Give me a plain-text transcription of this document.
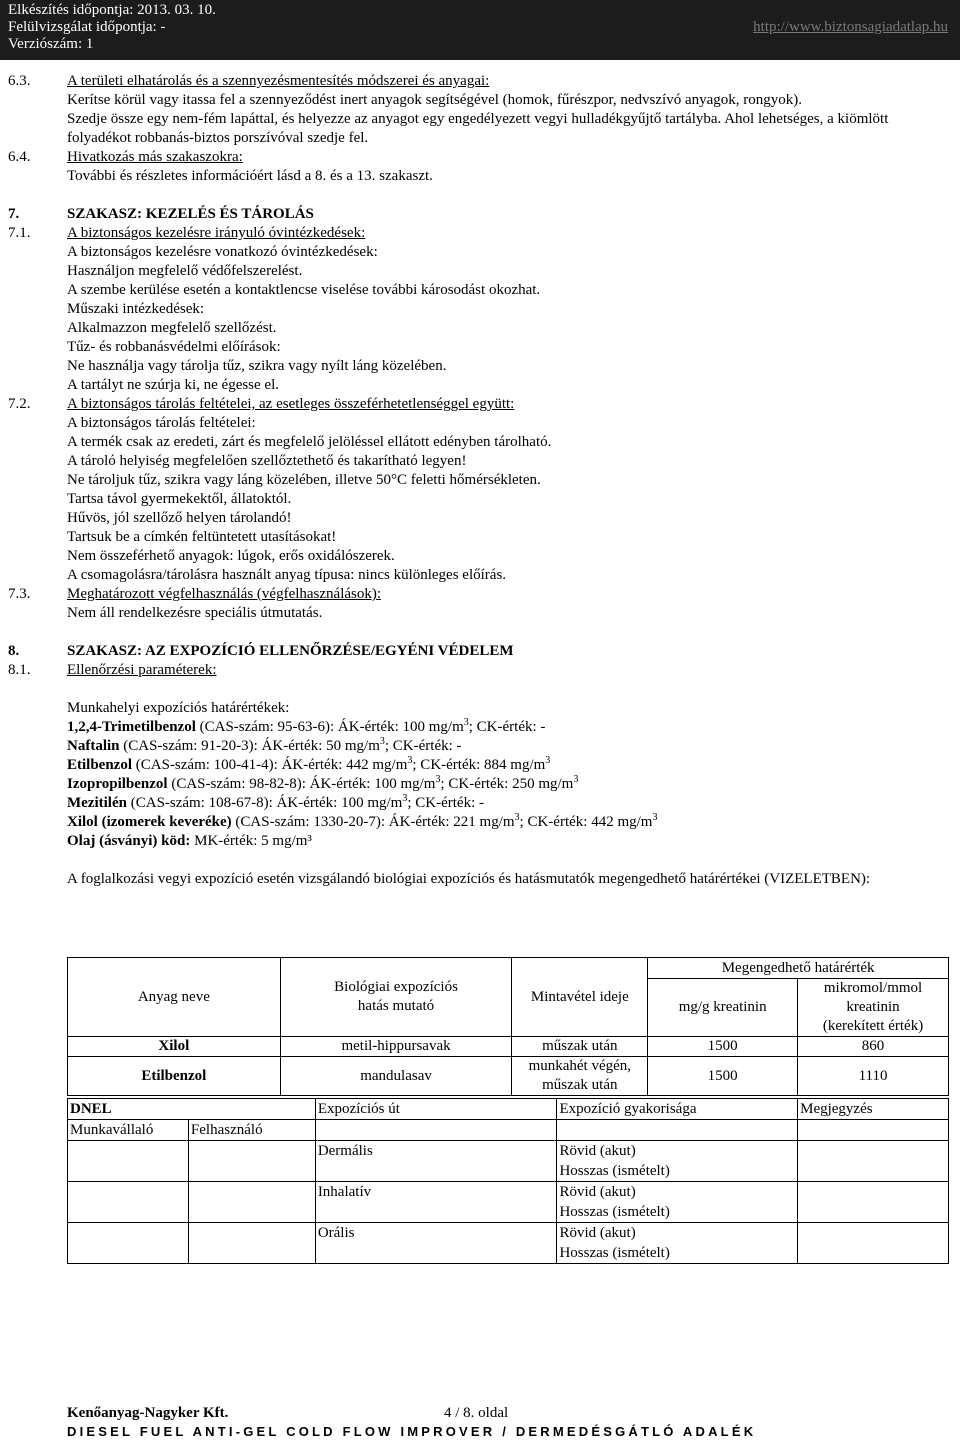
Elkészítés időpontja: 2013. 03. 10.
Felülvizsgálat időpontja: -
Verziószám: 1
http://www.biztonsagiadatlap.hu
6.3. A területi elhatárolás és a szennyezésmentesítés módszerei és anyagai:
Kerítse körül vagy itassa fel a szennyeződést inert anyagok segítségével (homok, fűrészpor, nedvszívó anyagok, rongyok).
Szedje össze egy nem-fém lapáttal, és helyezze az anyagot egy engedélyezett vegyi hulladékgyűjtő tartályba. Ahol lehetséges, a kiömlött folyadékot robbanás-biztos porszívóval szedje fel.
6.4. Hivatkozás más szakaszokra:
További és részletes információért lásd a 8. és a 13. szakaszt.
7.	SZAKASZ: KEZELÉS ÉS TÁROLÁS
7.1. A biztonságos kezelésre irányuló óvintézkedések:
A biztonságos kezelésre vonatkozó óvintézkedések:
Használjon megfelelő védőfelszerelést.
A szembe kerülése esetén a kontaktlencse viselése további károsodást okozhat.
Műszaki intézkedések:
Alkalmazzon megfelelő szellőzést.
Tűz- és robbanásvédelmi előírások:
Ne használja vagy tárolja tűz, szikra vagy nyílt láng közelében.
A tartályt ne szúrja ki, ne égesse el.
7.2. A biztonságos tárolás feltételei, az esetleges összeférhetetlenséggel együtt:
A biztonságos tárolás feltételei:
A termék csak az eredeti, zárt és megfelelő jelöléssel ellátott edényben tárolható.
A tároló helyiség megfelelően szellőztethető és takarítható legyen!
Ne tároljuk tűz, szikra vagy láng közelében, illetve 50°C feletti hőmérsékleten.
Tartsa távol gyermekektől, állatoktól.
Hűvös, jól szellőző helyen tárolandó!
Tartsuk be a címkén feltüntetett utasításokat!
Nem összeférhető anyagok: lúgok, erős oxidálószerek.
A csomagolásra/tárolásra használt anyag típusa: nincs különleges előírás.
7.3. Meghatározott végfelhasználás (végfelhasználások):
Nem áll rendelkezésre speciális útmutatás.
8.	SZAKASZ: AZ EXPOZÍCIÓ ELLENŐRZÉSE/EGYÉNI VÉDELEM
8.1. Ellenőrzési paraméterek:
Munkahelyi expozíciós határértékek:
1,2,4-Trimetilbenzol (CAS-szám: 95-63-6): ÁK-érték: 100 $mg/m^3$; CK-érték: -
Naftalin (CAS-szám: 91-20-3): ÁK-érték: 50 $mg/m^3$; CK-érték: -
Etilbenzol (CAS-szám: 100-41-4): ÁK-érték: 442 $mg/m^3$; CK-érték: 884 $mg/m^3$
Izopropilbenzol (CAS-szám: 98-82-8): ÁK-érték: 100 $mg/m^3$; CK-érték: 250 $mg/m^3$
Mezitilén (CAS-szám: 108-67-8): ÁK-érték: 100 $mg/m^3$; CK-érték: -
Xilol (izomerek keveréke) (CAS-szám: 1330-20-7): ÁK-érték: 221 $mg/m^3$; CK-érték: 442 $mg/m^3$
Olaj (ásványi) köd: MK-érték: 5 mg/m³
A foglalkozási vegyi expozíció esetén vizsgálandó biológiai expozíciós és hatásmutatók megengedhető határértékei (VIZELETBEN):
Anyag neve	Biológiai expozíciós
hatás mutató	Mintavétel ideje	Megengedhető határérték	
			mg/g kreatinin	mikromol/mmol kreatinin
(kerekített érték)

Xilol	metil-hippursavak	műszak után	1500	860
Etilbenzol	mandulasav	munkahét végén,
műszak után	1500	1110
DNEL		Expozíciós út	Expozíció gyakorisága	Megjegyzés
Munkavállaló	Felhasználó			
		Dermális	Rövid (akut)
Hosszas (ismételt)	

		Inhalatív	Rövid (akut)
Hosszas (ismételt)	

		Orális	Rövid (akut)
Hosszas (ismételt)	

Kenőanyag-Nagyker Kft.	4 / 8. oldal
DIESEL FUEL ANTI-GEL COLD FLOW IMPROVER / DERMEDÉSGÁTLÓ ADALÉK
